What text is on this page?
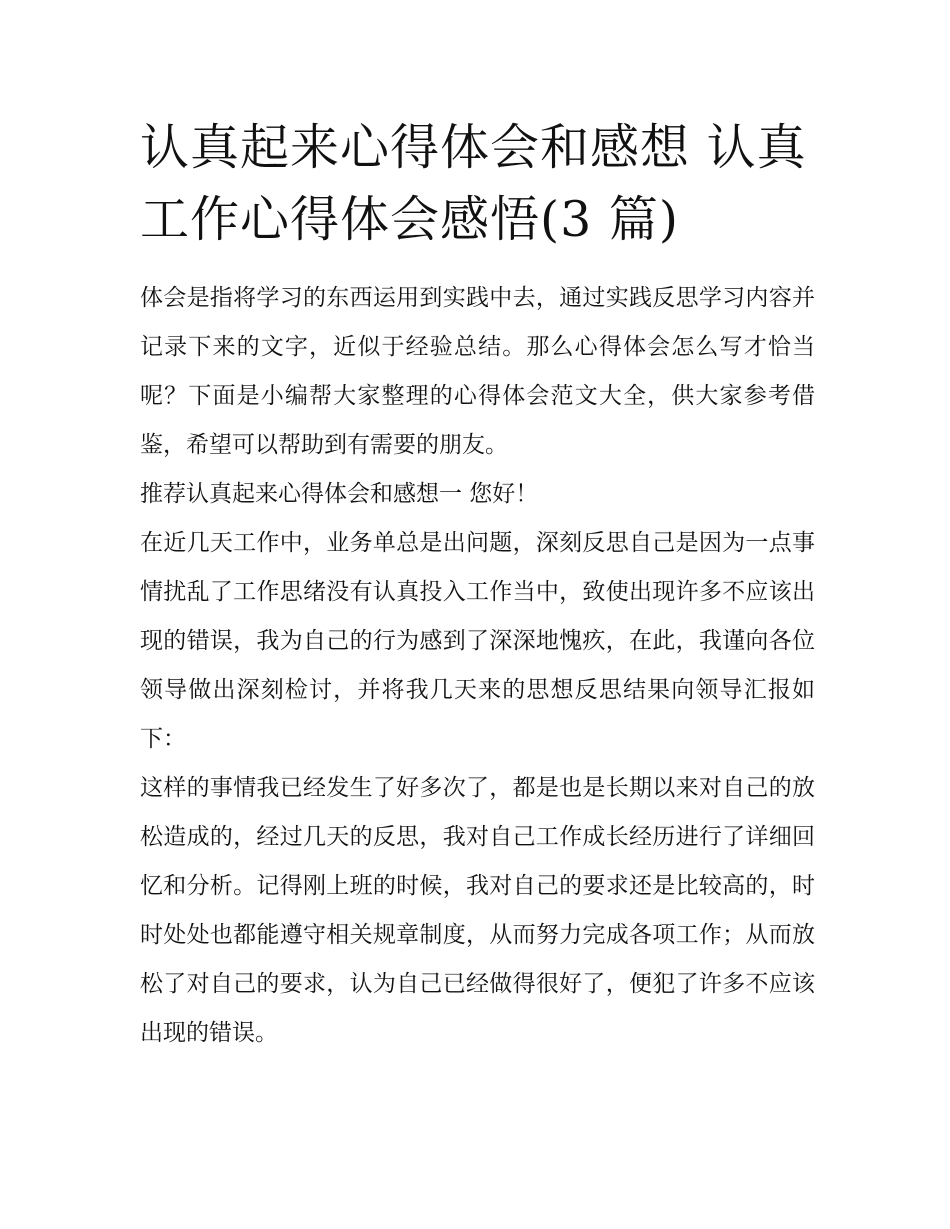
认真起来心得体会和感想 认真工作心得体会感悟(3 篇)

体会是指将学习的东西运用到实践中去，通过实践反思学习内容并记录下来的文字，近似于经验总结。那么心得体会怎么写才恰当呢？下面是小编帮大家整理的心得体会范文大全，供大家参考借鉴，希望可以帮助到有需要的朋友。

推荐认真起来心得体会和感想一 您好！

在近几天工作中，业务单总是出问题，深刻反思自己是因为一点事情扰乱了工作思绪没有认真投入工作当中，致使出现许多不应该出现的错误，我为自己的行为感到了深深地愧疚，在此，我谨向各位领导做出深刻检讨，并将我几天来的思想反思结果向领导汇报如下：

这样的事情我已经发生了好多次了，都是也是长期以来对自己的放松造成的，经过几天的反思，我对自己工作成长经历进行了详细回忆和分析。记得刚上班的时候，我对自己的要求还是比较高的，时时处处也都能遵守相关规章制度，从而努力完成各项工作；从而放松了对自己的要求，认为自己已经做得很好了，便犯了许多不应该出现的错误。
